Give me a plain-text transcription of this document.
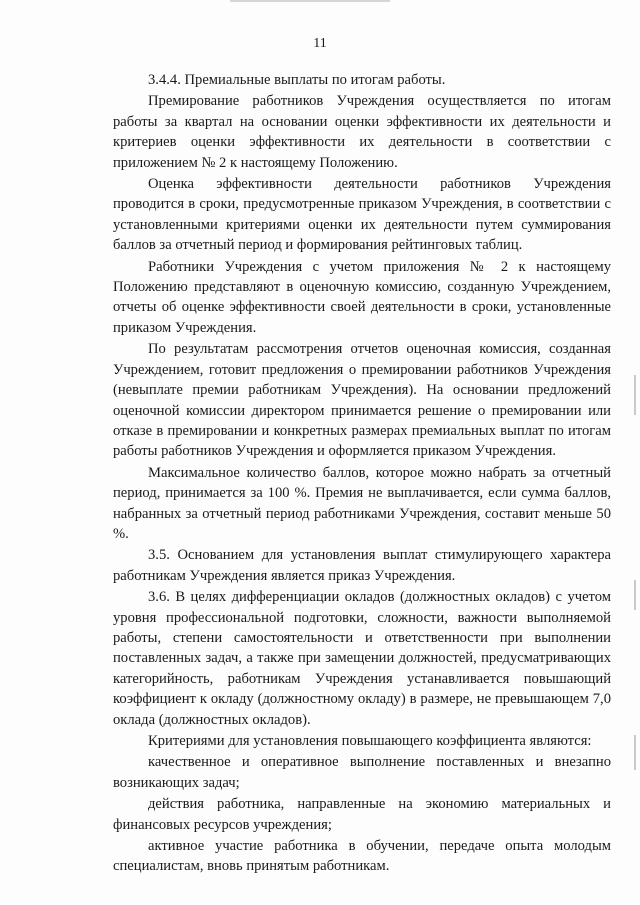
11

3.4.4. Премиальные выплаты по итогам работы.

Премирование работников Учреждения осуществляется по итогам работы за квартал на основании оценки эффективности их деятельности и критериев оценки эффективности их деятельности в соответствии с приложением № 2 к настоящему Положению.

Оценка эффективности деятельности работников Учреждения проводится в сроки, предусмотренные приказом Учреждения, в соответствии с установленными критериями оценки их деятельности путем суммирования баллов за отчетный период и формирования рейтинговых таблиц.

Работники Учреждения с учетом приложения № 2 к настоящему Положению представляют в оценочную комиссию, созданную Учреждением, отчеты об оценке эффективности своей деятельности в сроки, установленные приказом Учреждения.

По результатам рассмотрения отчетов оценочная комиссия, созданная Учреждением, готовит предложения о премировании работников Учреждения (невыплате премии работникам Учреждения). На основании предложений оценочной комиссии директором принимается решение о премировании или отказе в премировании и конкретных размерах премиальных выплат по итогам работы работников Учреждения и оформляется приказом Учреждения.

Максимальное количество баллов, которое можно набрать за отчетный период, принимается за 100 %. Премия не выплачивается, если сумма баллов, набранных за отчетный период работниками Учреждения, составит меньше 50 %.

3.5. Основанием для установления выплат стимулирующего характера работникам Учреждения является приказ Учреждения.

3.6. В целях дифференциации окладов (должностных окладов) с учетом уровня профессиональной подготовки, сложности, важности выполняемой работы, степени самостоятельности и ответственности при выполнении поставленных задач, а также при замещении должностей, предусматривающих категорийность, работникам Учреждения устанавливается повышающий коэффициент к окладу (должностному окладу) в размере, не превышающем 7,0 оклада (должностных окладов).

Критериями для установления повышающего коэффициента являются:

качественное и оперативное выполнение поставленных и внезапно возникающих задач;

действия работника, направленные на экономию материальных и финансовых ресурсов учреждения;

активное участие работника в обучении, передаче опыта молодым специалистам, вновь принятым работникам.
